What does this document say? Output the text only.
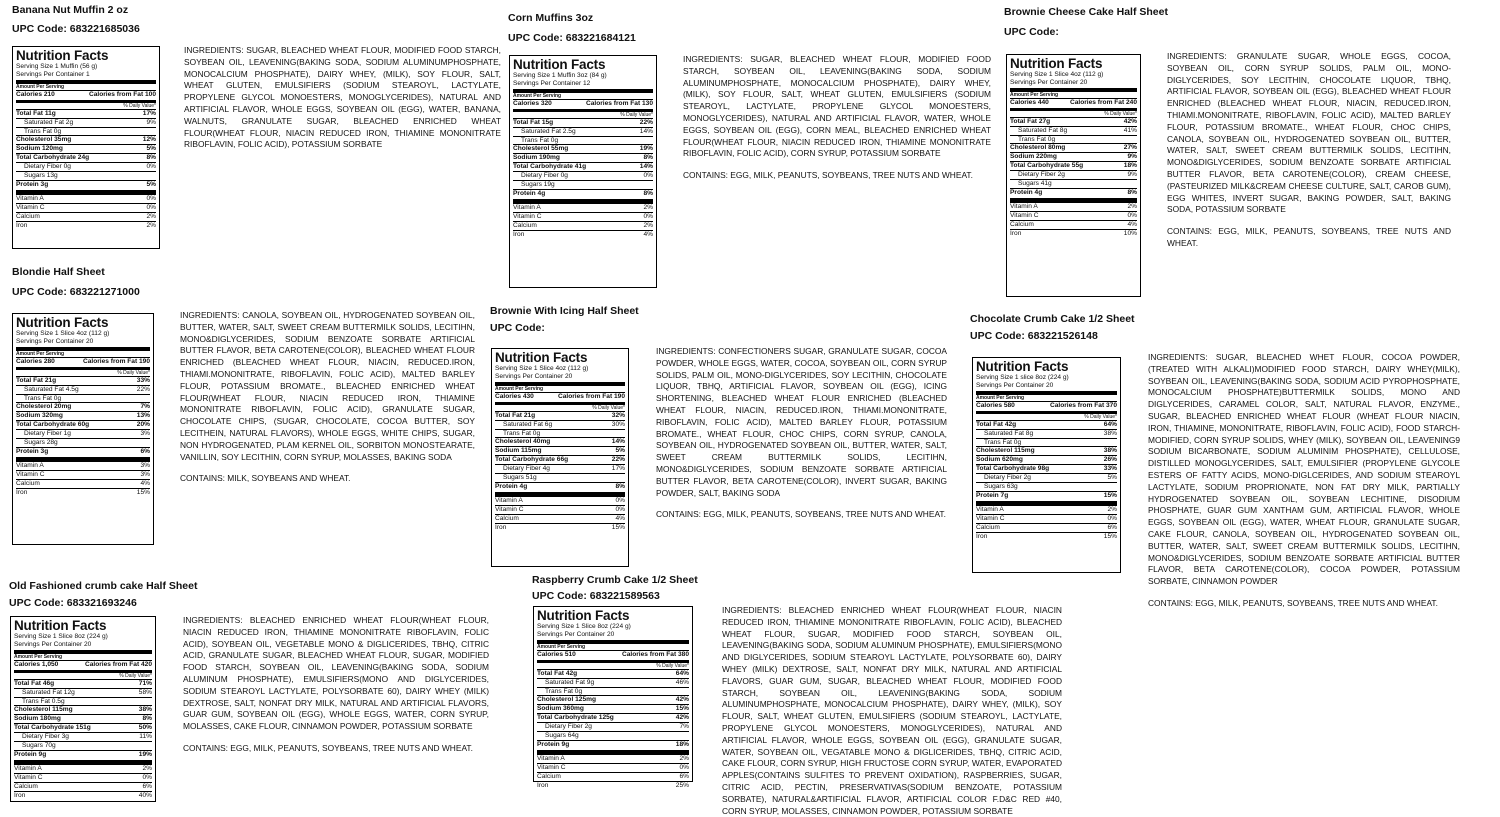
Banana Nut Muffin 2 oz
UPC Code: 683221685036
Nutrition Facts
Serving Size 1 Muffin (56 g)
Servings Per Container 1
Amount Per Serving
Calories 210	Calories from Fat 100
% Daily Value*
Total Fat 11g	17%
Saturated Fat 2g	9%
Trans Fat 0g
Cholesterol 35mg	12%
Sodium 120mg	5%
Total Carbohydrate 24g	8%
Dietary Fiber 0g	0%
Sugars 13g
Protein 3g	5%
Vitamin A	0%
Vitamin C	0%
Calcium	2%
Iron	2%

INGREDIENTS: SUGAR, BLEACHED WHEAT FLOUR, MODIFIED FOOD STARCH, SOYBEAN OIL, LEAVENING(BAKING SODA, SODIUM ALUMINUMPHOSPHATE, MONOCALCIUM PHOSPHATE), DAIRY WHEY, (MILK), SOY FLOUR, SALT, WHEAT GLUTEN, EMULSIFIERS (SODIUM STEAROYL, LACTYLATE, PROPYLENE GLYCOL MONOESTERS, MONOGLYCERIDES), NATURAL AND ARTIFICIAL FLAVOR, WHOLE EGGS, SOYBEAN OIL (EGG), WATER, BANANA, WALNUTS, GRANULATE SUGAR, BLEACHED ENRICHED WHEAT FLOUR(WHEAT FLOUR, NIACIN REDUCED IRON, THIAMINE MONONITRATE RIBOFLAVIN, FOLIC ACID), POTASSIUM SORBATE

Corn Muffins 3oz
UPC Code: 683221684121
Nutrition Facts
Serving Size 1 Muffin 3oz (84 g)
Servings Per Container 12
Amount Per Serving
Calories 320	Calories from Fat 130
% Daily Value*
Total Fat 15g	22%
Saturated Fat 2.5g	14%
Trans Fat 0g
Cholesterol 55mg	19%
Sodium 190mg	8%
Total Carbohydrate 41g	14%
Dietary Fiber 0g	0%
Sugars 19g
Protein 4g	8%
Vitamin A	2%
Vitamin C	0%
Calcium	2%
Iron	4%

INGREDIENTS: SUGAR, BLEACHED WHEAT FLOUR, MODIFIED FOOD STARCH, SOYBEAN OIL, LEAVENING(BAKING SODA, SODIUM ALUMINUMPHOSPHATE, MONOCALCIUM PHOSPHATE), DAIRY WHEY, (MILK), SOY FLOUR, SALT, WHEAT GLUTEN, EMULSIFIERS (SODIUM STEAROYL, LACTYLATE, PROPYLENE GLYCOL MONOESTERS, MONOGLYCERIDES), NATURAL AND ARTIFICIAL FLAVOR, WATER, WHOLE EGGS, SOYBEAN OIL (EGG), CORN MEAL, BLEACHED ENRICHED WHEAT FLOUR(WHEAT FLOUR, NIACIN REDUCED IRON, THIAMINE MONONITRATE RIBOFLAVIN, FOLIC ACID), CORN SYRUP, POTASSIUM SORBATE

CONTAINS: EGG, MILK, PEANUTS, SOYBEANS, TREE NUTS AND WHEAT.

Brownie Cheese Cake Half Sheet
UPC Code:
Nutrition Facts
Serving Size 1 Slice 4oz (112 g)
Servings Per Container 20
Amount Per Serving
Calories 440	Calories from Fat 240
% Daily Value*
Total Fat 27g	42%
Saturated Fat 8g	41%
Trans Fat 0g
Cholesterol 80mg	27%
Sodium 220mg	9%
Total Carbohydrate 55g	18%
Dietary Fiber 2g	9%
Sugars 41g
Protein 4g	8%
Vitamin A	2%
Vitamin C	0%
Calcium	4%
Iron	10%

INGREDIENTS: GRANULATE SUGAR, WHOLE EGGS, COCOA, SOYBEAN OIL, CORN SYRUP SOLIDS, PALM OIL, MONO-DIGLYCERIDES, SOY LECITHIN, CHOCOLATE LIQUOR, TBHQ, ARTIFICIAL FLAVOR, SOYBEAN OIL (EGG), BLEACHED WHEAT FLOUR ENRICHED (BLEACHED WHEAT FLOUR, NIACIN, REDUCED.IRON, THIAMI.MONONITRATE, RIBOFLAVIN, FOLIC ACID), MALTED BARLEY FLOUR, POTASSIUM BROMATE., WHEAT FLOUR, CHOC CHIPS, CANOLA, SOYBEAN OIL, HYDROGENATED SOYBEAN OIL, BUTTER, WATER, SALT, SWEET CREAM BUTTERMILK SOLIDS, LECITIHN, MONO&DIGLYCERIDES, SODIUM BENZOATE SORBATE ARTIFICIAL BUTTER FLAVOR, BETA CAROTENE(COLOR), CREAM CHEESE, (PASTEURIZED MILK&CREAM CHEESE CULTURE, SALT, CAROB GUM), EGG WHITES, INVERT SUGAR, BAKING POWDER, SALT, BAKING SODA, POTASSIUM SORBATE

CONTAINS: EGG, MILK, PEANUTS, SOYBEANS, TREE NUTS AND WHEAT.

Blondie Half Sheet
UPC Code: 683221271000
Nutrition Facts
Serving Size 1 Slice 4oz (112 g)
Servings Per Container 20
Amount Per Serving
Calories 280	Calories from Fat 190
% Daily Value*
Total Fat 21g	33%
Saturated Fat 4.5g	22%
Trans Fat 0g
Cholesterol 20mg	7%
Sodium 320mg	13%
Total Carbohydrate 60g	20%
Dietary Fiber 1g	3%
Sugars 28g
Protein 3g	6%
Vitamin A	3%
Vitamin C	3%
Calcium	4%
Iron	15%

INGREDIENTS: CANOLA, SOYBEAN OIL, HYDROGENATED SOYBEAN OIL, BUTTER, WATER, SALT, SWEET CREAM BUTTERMILK SOLIDS, LECITIHN, MONO&DIGLYCERIDES, SODIUM BENZOATE SORBATE ARTIFICIAL BUTTER FLAVOR, BETA CAROTENE(COLOR), BLEACHED WHEAT FLOUR ENRICHED (BLEACHED WHEAT FLOUR, NIACIN, REDUCED.IRON, THIAMI.MONONITRATE, RIBOFLAVIN, FOLIC ACID), MALTED BARLEY FLOUR, POTASSIUM BROMATE., BLEACHED ENRICHED WHEAT FLOUR(WHEAT FLOUR, NIACIN REDUCED IRON, THIAMINE MONONITRATE RIBOFLAVIN, FOLIC ACID), GRANULATE SUGAR, CHOCOLATE CHIPS, (SUGAR, CHOCOLATE, COCOA BUTTER, SOY LECITHEIN, NATURAL FLAVORS), WHOLE EGGS, WHITE CHIPS, SUGAR, NON HYDROGENATED, PLAM KERNEL OIL, SORBITON MONOSTEARATE, VANILLIN, SOY LECITHIN, CORN SYRUP, MOLASSES, BAKING SODA

CONTAINS: MILK, SOYBEANS AND WHEAT.

Brownie With Icing Half Sheet
UPC Code:
Nutrition Facts
Serving Size 1 Slice 4oz (112 g)
Servings Per Container 20
Amount Per Serving
Calories 430	Calories from Fat 190
% Daily Value*
Total Fat 21g	32%
Saturated Fat 6g	30%
Trans Fat 0g
Cholesterol 40mg	14%
Sodium 115mg	5%
Total Carbohydrate 66g	22%
Dietary Fiber 4g	17%
Sugars 51g
Protein 4g	8%
Vitamin A	0%
Vitamin C	0%
Calcium	4%
Iron	15%

INGREDIENTS: CONFECTIONERS SUGAR, GRANULATE SUGAR, COCOA POWDER, WHOLE EGGS, WATER, COCOA, SOYBEAN OIL, CORN SYRUP SOLIDS, PALM OIL, MONO-DIGLYCERIDES, SOY LECITHIN, CHOCOLATE LIQUOR, TBHQ, ARTIFICIAL FLAVOR, SOYBEAN OIL (EGG), ICING SHORTENING, BLEACHED WHEAT FLOUR ENRICHED (BLEACHED WHEAT FLOUR, NIACIN, REDUCED.IRON, THIAMI.MONONITRATE, RIBOFLAVIN, FOLIC ACID), MALTED BARLEY FLOUR, POTASSIUM BROMATE., WHEAT FLOUR, CHOC CHIPS, CORN SYRUP, CANOLA, SOYBEAN OIL, HYDROGENATED SOYBEAN OIL, BUTTER, WATER, SALT, SWEET CREAM BUTTERMILK SOLIDS, LECITIHN, MONO&DIGLYCERIDES, SODIUM BENZOATE SORBATE ARTIFICIAL BUTTER FLAVOR, BETA CAROTENE(COLOR), INVERT SUGAR, BAKING POWDER, SALT, BAKING SODA

CONTAINS: EGG, MILK, PEANUTS, SOYBEANS, TREE NUTS AND WHEAT.

Chocolate Crumb Cake 1/2 Sheet
UPC Code: 683221526148
Nutrition Facts
Serving Size 1 slice 8oz (224 g)
Servings Per Container 20
Amount Per Serving
Calories 580	Calories from Fat 370
% Daily Value*
Total Fat 42g	64%
Saturated Fat 8g	38%
Trans Fat 0g
Cholesterol 115mg	38%
Sodium 620mg	26%
Total Carbohydrate 98g	33%
Dietary Fiber 2g	5%
Sugars 63g
Protein 7g	15%
Vitamin A	2%
Vitamin C	0%
Calcium	6%
Iron	15%

INGREDIENTS: SUGAR, BLEACHED WHET FLOUR, COCOA POWDER, (TREATED WITH ALKALI)MODIFIED FOOD STARCH, DAIRY WHEY(MILK), SOYBEAN OIL, LEAVENING(BAKING SODA, SODIUM ACID PYROPHOSPHATE, MONOCALCIUM PHOSPHATE)BUTTERMILK SOLIDS, MONO AND DIGLYCERIDES, CARAMEL COLOR, SALT, NATURAL FLAVOR, ENZYME., SUGAR, BLEACHED ENRICHED WHEAT FLOUR (WHEAT FLOUR NIACIN, IRON, THIAMINE, MONONITRATE, RIBOFLAVIN, FOLIC ACID), FOOD STARCH-MODIFIED, CORN SYRUP SOLIDS, WHEY (MILK), SOYBEAN OIL, LEAVENING9 SODIUM BICARBONATE, SODIUM ALUMINIM PHOSPHATE), CELLULOSE, DISTILLED MONOGLYCERIDES, SALT, EMULSIFIER (PROPYLENE GLYCOLE ESTERS OF FATTY ACIDS, MONO-DIGLCERIDES, AND SODIUM STEAROYL LACTYLATE, SODIUM PROPRIONATE, NON FAT DRY MILK, PARTIALLY HYDROGENATED SOYBEAN OIL, SOYBEAN LECHITINE, DISODIUM PHOSPHATE, GUAR GUM XANTHAM GUM, ARTIFICIAL FLAVOR, WHOLE EGGS, SOYBEAN OIL (EGG), WATER, WHEAT FLOUR, GRANULATE SUGAR, CAKE FLOUR, CANOLA, SOYBEAN OIL, HYDROGENATED SOYBEAN OIL, BUTTER, WATER, SALT, SWEET CREAM BUTTERMILK SOLIDS, LECITIHN, MONO&DIGLYCERIDES, SODIUM BENZOATE SORBATE ARTIFICIAL BUTTER FLAVOR, BETA CAROTENE(COLOR), COCOA POWDER, POTASSIUM SORBATE, CINNAMON POWDER

CONTAINS: EGG, MILK, PEANUTS, SOYBEANS, TREE NUTS AND WHEAT.

Old Fashioned crumb cake Half Sheet
UPC Code: 683321693246
Nutrition Facts
Serving Size 1 Slice 8oz (224 g)
Servings Per Container 20
Amount Per Serving
Calories 1,050	Calories from Fat 420
% Daily Value*
Total Fat 46g	71%
Saturated Fat 12g	58%
Trans Fat 0.5g
Cholesterol 115mg	38%
Sodium 180mg	8%
Total Carbohydrate 151g	50%
Dietary Fiber 3g	11%
Sugars 70g
Protein 9g	19%
Vitamin A	2%
Vitamin C	0%
Calcium	6%
Iron	40%

INGREDIENTS: BLEACHED ENRICHED WHEAT FLOUR(WHEAT FLOUR, NIACIN REDUCED IRON, THIAMINE MONONITRATE RIBOFLAVIN, FOLIC ACID), SOYBEAN OIL, VEGETABLE MONO & DIGLICERIDES, TBHQ, CITRIC ACID, GRANULATE SUGAR, BLEACHED WHEAT FLOUR, SUGAR, MODIFIED FOOD STARCH, SOYBEAN OIL, LEAVENING(BAKING SODA, SODIUM ALUMINUM PHOSPHATE), EMULSIFIERS(MONO AND DIGLYCERIDES, SODIUM STEAROYL LACTYLATE, POLYSORBATE 60), DAIRY WHEY (MILK) DEXTROSE, SALT, NONFAT DRY MILK, NATURAL AND ARTIFICIAL FLAVORS, GUAR GUM, SOYBEAN OIL (EGG), WHOLE EGGS, WATER, CORN SYRUP, MOLASSES, CAKE FLOUR, CINNAMON POWDER, POTASSIUM SORBATE

CONTAINS: EGG, MILK, PEANUTS, SOYBEANS, TREE NUTS AND WHEAT.

Raspberry Crumb Cake 1/2 Sheet
UPC Code: 683221589563
Nutrition Facts
Serving Size 1 Slice 8oz (224 g)
Servings Per Container 20
Amount Per Serving
Calories 510	Calories from Fat 380
% Daily Value*
Total Fat 42g	64%
Saturated Fat 9g	46%
Trans Fat 0g
Cholesterol 125mg	42%
Sodium 360mg	15%
Total Carbohydrate 125g	42%
Dietary Fiber 2g	7%
Sugars 64g
Protein 9g	18%
Vitamin A	2%
Vitamin C	0%
Calcium	6%
Iron	25%

INGREDIENTS: BLEACHED ENRICHED WHEAT FLOUR(WHEAT FLOUR, NIACIN REDUCED IRON, THIAMINE MONONITRATE RIBOFLAVIN, FOLIC ACID), BLEACHED WHEAT FLOUR, SUGAR, MODIFIED FOOD STARCH, SOYBEAN OIL, LEAVENING(BAKING SODA, SODIUM ALUMINUM PHOSPHATE), EMULSIFIERS(MONO AND DIGLYCERIDES, SODIUM STEAROYL LACTYLATE, POLYSORBATE 60), DAIRY WHEY (MILK) DEXTROSE, SALT, NONFAT DRY MILK, NATURAL AND ARTIFICIAL FLAVORS, GUAR GUM, SUGAR, BLEACHED WHEAT FLOUR, MODIFIED FOOD STARCH, SOYBEAN OIL, LEAVENING(BAKING SODA, SODIUM ALUMINUMPHOSPHATE, MONOCALCIUM PHOSPHATE), DAIRY WHEY, (MILK), SOY FLOUR, SALT, WHEAT GLUTEN, EMULSIFIERS (SODIUM STEAROYL, LACTYLATE, PROPYLENE GLYCOL MONOESTERS, MONOGLYCERIDES), NATURAL AND ARTIFICIAL FLAVOR, WHOLE EGGS, SOYBEAN OIL (EGG), GRANULATE SUGAR, WATER, SOYBEAN OIL, VEGATABLE MONO & DIGLICERIDES, TBHQ, CITRIC ACID, CAKE FLOUR, CORN SYRUP, HIGH FRUCTOSE CORN SYRUP, WATER, EVAPORATED APPLES(CONTAINS SULFITES TO PREVENT OXIDATION), RASPBERRIES, SUGAR, CITRIC ACID, PECTIN, PRESERVATIVAS(SODIUM BENZOATE, POTASSIUM SORBATE), NATURAL&ARTIFICIAL FLAVOR, ARTIFICIAL COLOR F.D&C RED #40, CORN SYRUP, MOLASSES, CINNAMON POWDER, POTASSIUM SORBATE
